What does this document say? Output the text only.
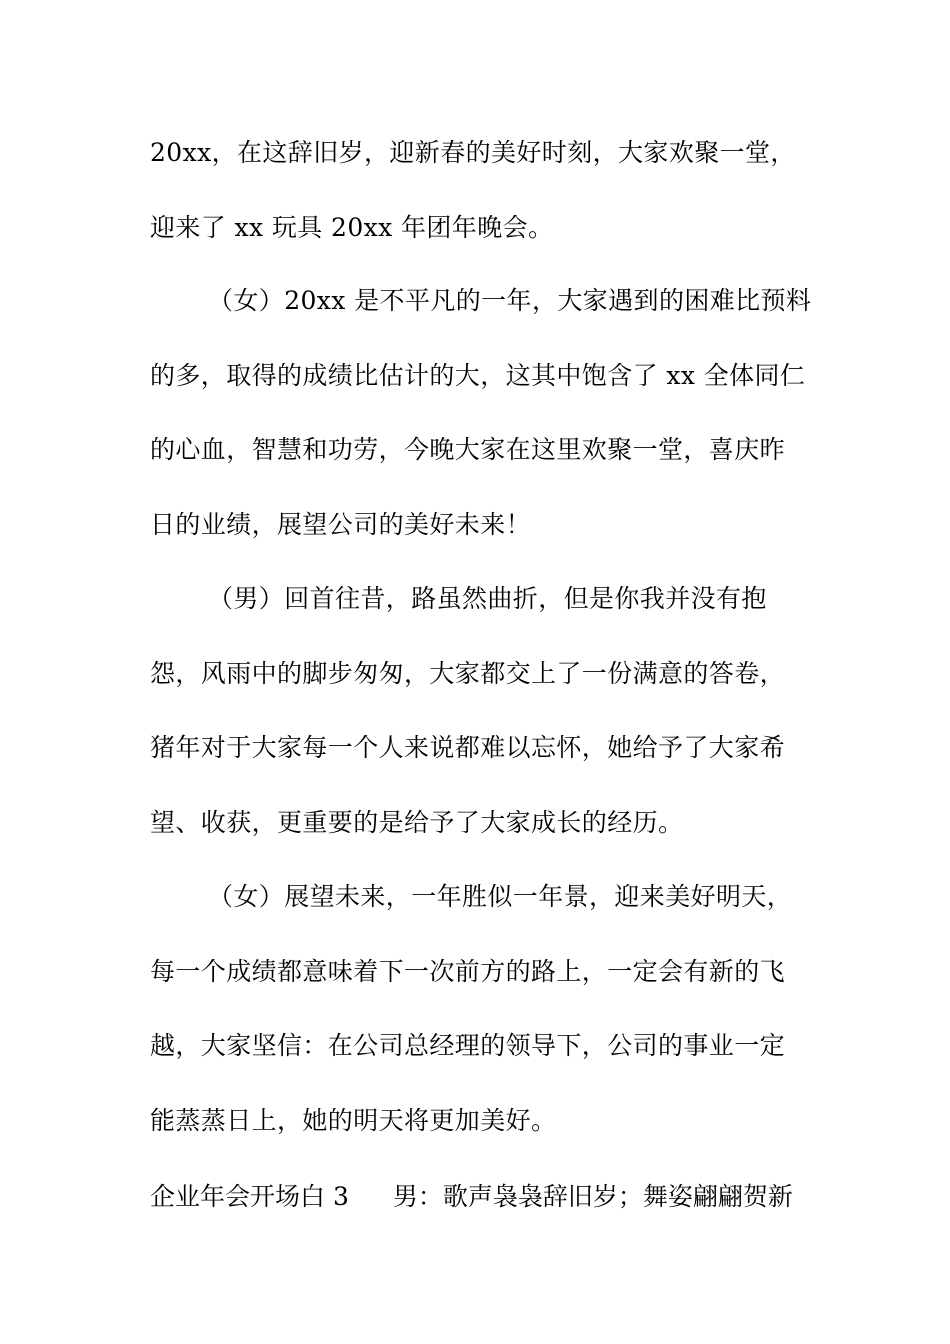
20xx，在这辞旧岁，迎新春的美好时刻，大家欢聚一堂，
迎来了 xx 玩具 20xx 年团年晚会。
（女）20xx 是不平凡的一年，大家遇到的困难比预料
的多，取得的成绩比估计的大，这其中饱含了 xx 全体同仁
的心血，智慧和功劳，今晚大家在这里欢聚一堂，喜庆昨
日的业绩，展望公司的美好未来！
（男）回首往昔，路虽然曲折，但是你我并没有抱
怨，风雨中的脚步匆匆，大家都交上了一份满意的答卷，
猪年对于大家每一个人来说都难以忘怀，她给予了大家希
望、收获，更重要的是给予了大家成长的经历。
（女）展望未来，一年胜似一年景，迎来美好明天，
每一个成绩都意味着下一次前方的路上，一定会有新的飞
越，大家坚信：在公司总经理的领导下，公司的事业一定
能蒸蒸日上，她的明天将更加美好。
企业年会开场白 3 男：歌声袅袅辞旧岁；舞姿翩翩贺新
